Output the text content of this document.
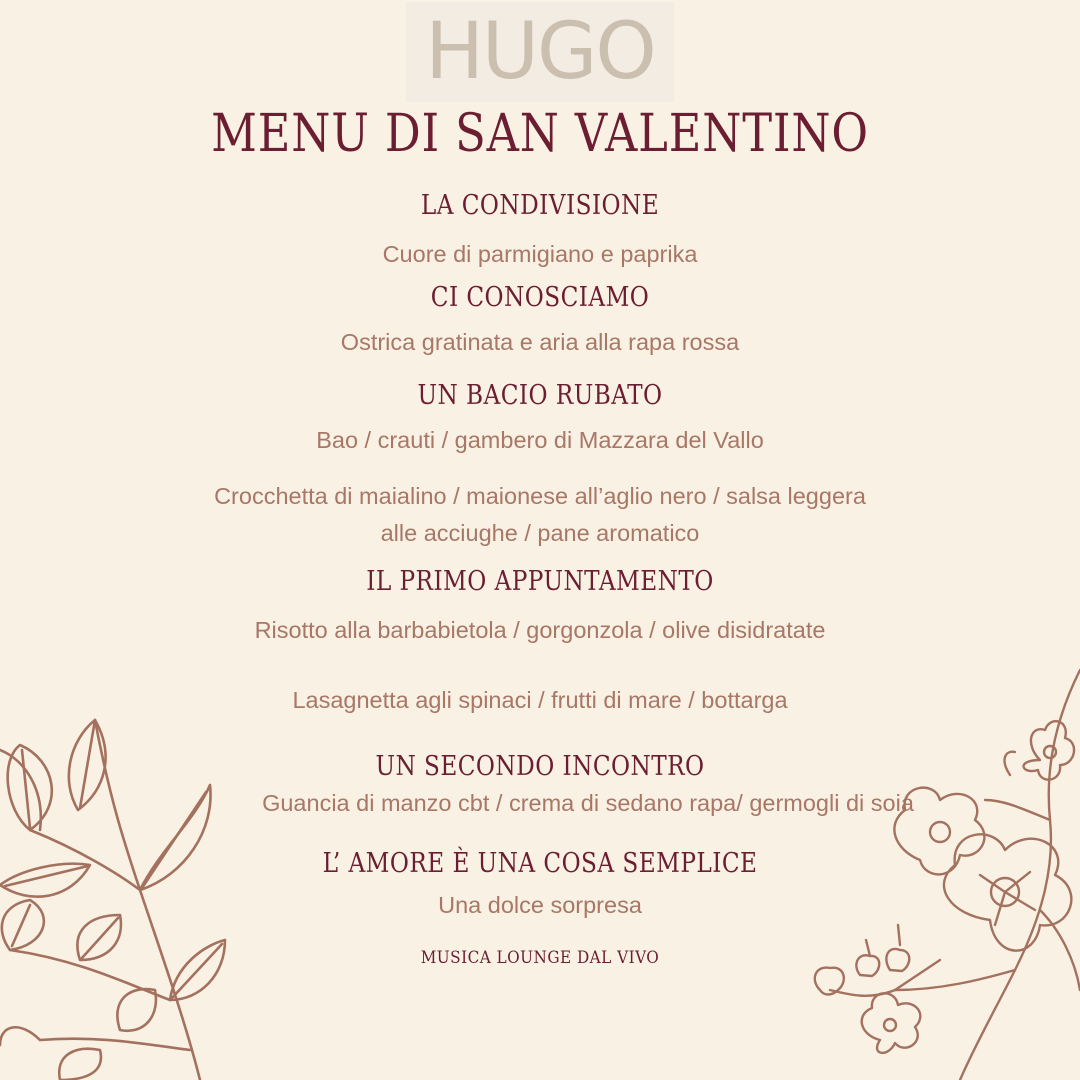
HUGO
MENU DI SAN VALENTINO
LA CONDIVISIONE
Cuore di parmigiano e paprika
CI CONOSCIAMO
Ostrica gratinata e aria alla rapa rossa
UN BACIO RUBATO
Bao / crauti / gambero di Mazzara del Vallo
Crocchetta di maialino / maionese all’aglio nero / salsa leggera
alle acciughe / pane aromatico
IL PRIMO APPUNTAMENTO
Risotto alla barbabietola / gorgonzola / olive disidratate
Lasagnetta agli spinaci / frutti di mare / bottarga
UN SECONDO INCONTRO
Guancia di manzo cbt / crema di sedano rapa/ germogli di soia
L’ AMORE È UNA COSA SEMPLICE
Una dolce sorpresa
MUSICA LOUNGE DAL VIVO
